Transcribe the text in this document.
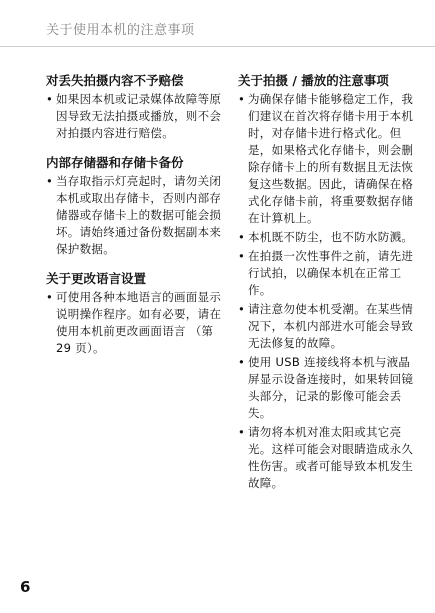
关于使用本机的注意事项
对丢失拍摄内容不予赔偿
• 如果因本机或记录媒体故障等原因导致无法拍摄或播放，则不会对拍摄内容进行赔偿。
内部存储器和存储卡备份
• 当存取指示灯亮起时，请勿关闭本机或取出存储卡，否则内部存储器或存储卡上的数据可能会损坏。请始终通过备份数据副本来保护数据。
关于更改语言设置
• 可使用各种本地语言的画面显示说明操作程序。如有必要，请在使用本机前更改画面语言 （第 29 页）。
关于拍摄 / 播放的注意事项
• 为确保存储卡能够稳定工作，我们建议在首次将存储卡用于本机时，对存储卡进行格式化。但是，如果格式化存储卡，则会删除存储卡上的所有数据且无法恢复这些数据。因此，请确保在格式化存储卡前，将重要数据存储在计算机上。
• 本机既不防尘，也不防水防溅。
• 在拍摄一次性事件之前，请先进行试拍，以确保本机在正常工作。
• 请注意勿使本机受潮。在某些情况下，本机内部进水可能会导致无法修复的故障。
• 使用 USB 连接线将本机与液晶屏显示设备连接时，如果转回镜头部分，记录的影像可能会丢失。
• 请勿将本机对准太阳或其它亮光。这样可能会对眼睛造成永久性伤害。或者可能导致本机发生故障。
6
